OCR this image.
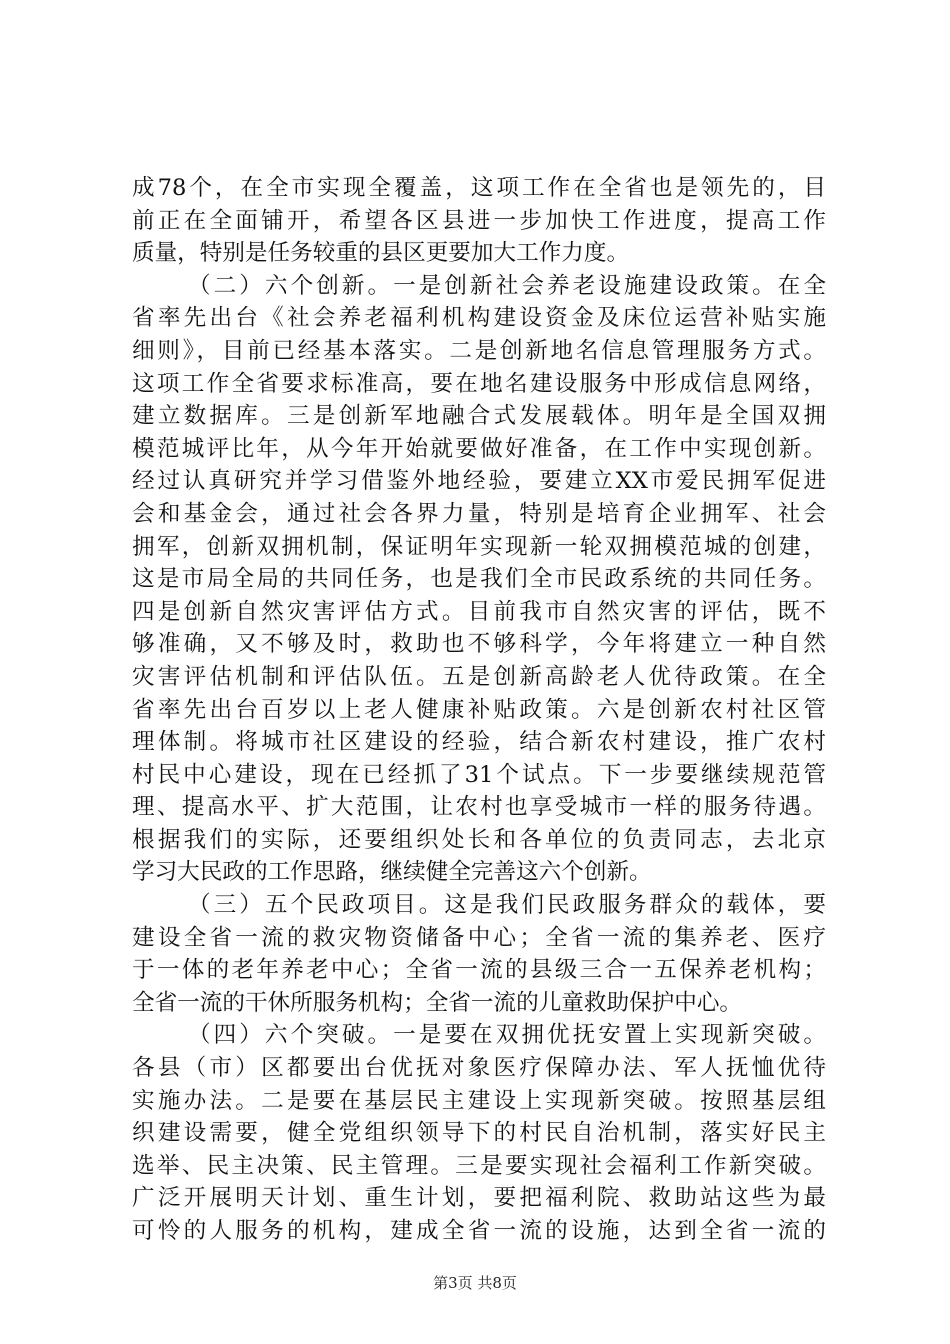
成78个，在全市实现全覆盖，这项工作在全省也是领先的，目
前正在全面铺开，希望各区县进一步加快工作进度，提高工作
质量，特别是任务较重的县区更要加大工作力度。
（二）六个创新。一是创新社会养老设施建设政策。在全
省率先出台《社会养老福利机构建设资金及床位运营补贴实施
细则》，目前已经基本落实。二是创新地名信息管理服务方式。
这项工作全省要求标准高，要在地名建设服务中形成信息网络，
建立数据库。三是创新军地融合式发展载体。明年是全国双拥
模范城评比年，从今年开始就要做好准备，在工作中实现创新。
经过认真研究并学习借鉴外地经验，要建立XX市爱民拥军促进
会和基金会，通过社会各界力量，特别是培育企业拥军、社会
拥军，创新双拥机制，保证明年实现新一轮双拥模范城的创建，
这是市局全局的共同任务，也是我们全市民政系统的共同任务。
四是创新自然灾害评估方式。目前我市自然灾害的评估，既不
够准确，又不够及时，救助也不够科学，今年将建立一种自然
灾害评估机制和评估队伍。五是创新高龄老人优待政策。在全
省率先出台百岁以上老人健康补贴政策。六是创新农村社区管
理体制。将城市社区建设的经验，结合新农村建设，推广农村
村民中心建设，现在已经抓了31个试点。下一步要继续规范管
理、提高水平、扩大范围，让农村也享受城市一样的服务待遇。
根据我们的实际，还要组织处长和各单位的负责同志，去北京
学习大民政的工作思路，继续健全完善这六个创新。
（三）五个民政项目。这是我们民政服务群众的载体，要
建设全省一流的救灾物资储备中心；全省一流的集养老、医疗
于一体的老年养老中心；全省一流的县级三合一五保养老机构；
全省一流的干休所服务机构；全省一流的儿童救助保护中心。
（四）六个突破。一是要在双拥优抚安置上实现新突破。
各县（市）区都要出台优抚对象医疗保障办法、军人抚恤优待
实施办法。二是要在基层民主建设上实现新突破。按照基层组
织建设需要，健全党组织领导下的村民自治机制，落实好民主
选举、民主决策、民主管理。三是要实现社会福利工作新突破。
广泛开展明天计划、重生计划，要把福利院、救助站这些为最
可怜的人服务的机构，建成全省一流的设施，达到全省一流的
第3页 共8页
